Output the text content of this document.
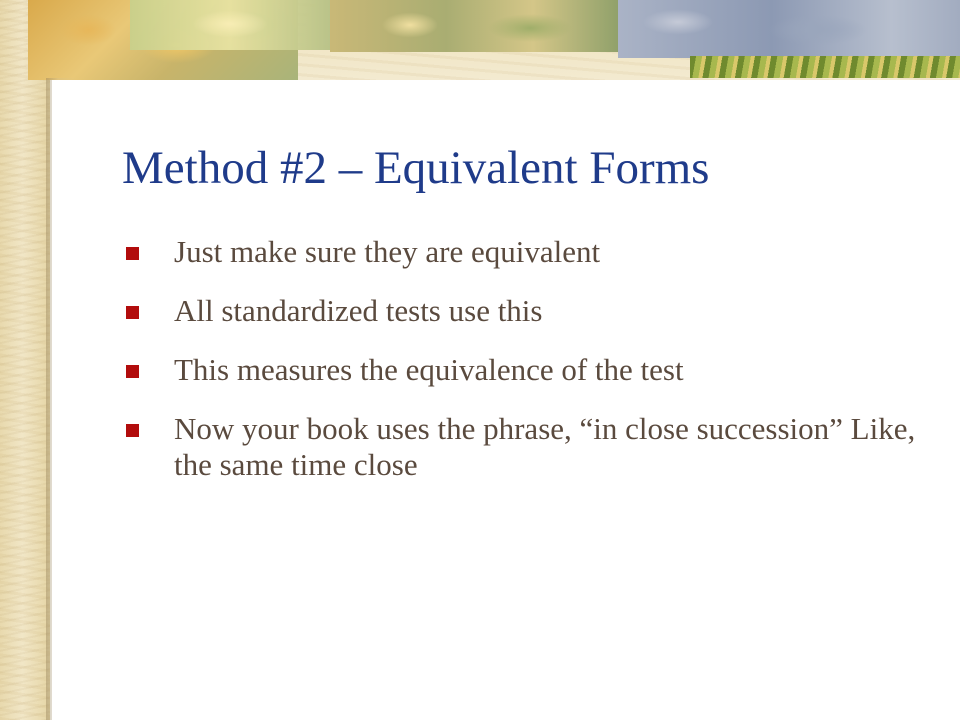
Method #2 – Equivalent Forms
Just make sure they are equivalent
All standardized tests use this
This measures the equivalence of the test
Now your book uses the phrase, “in close succession” Like, the same time close
